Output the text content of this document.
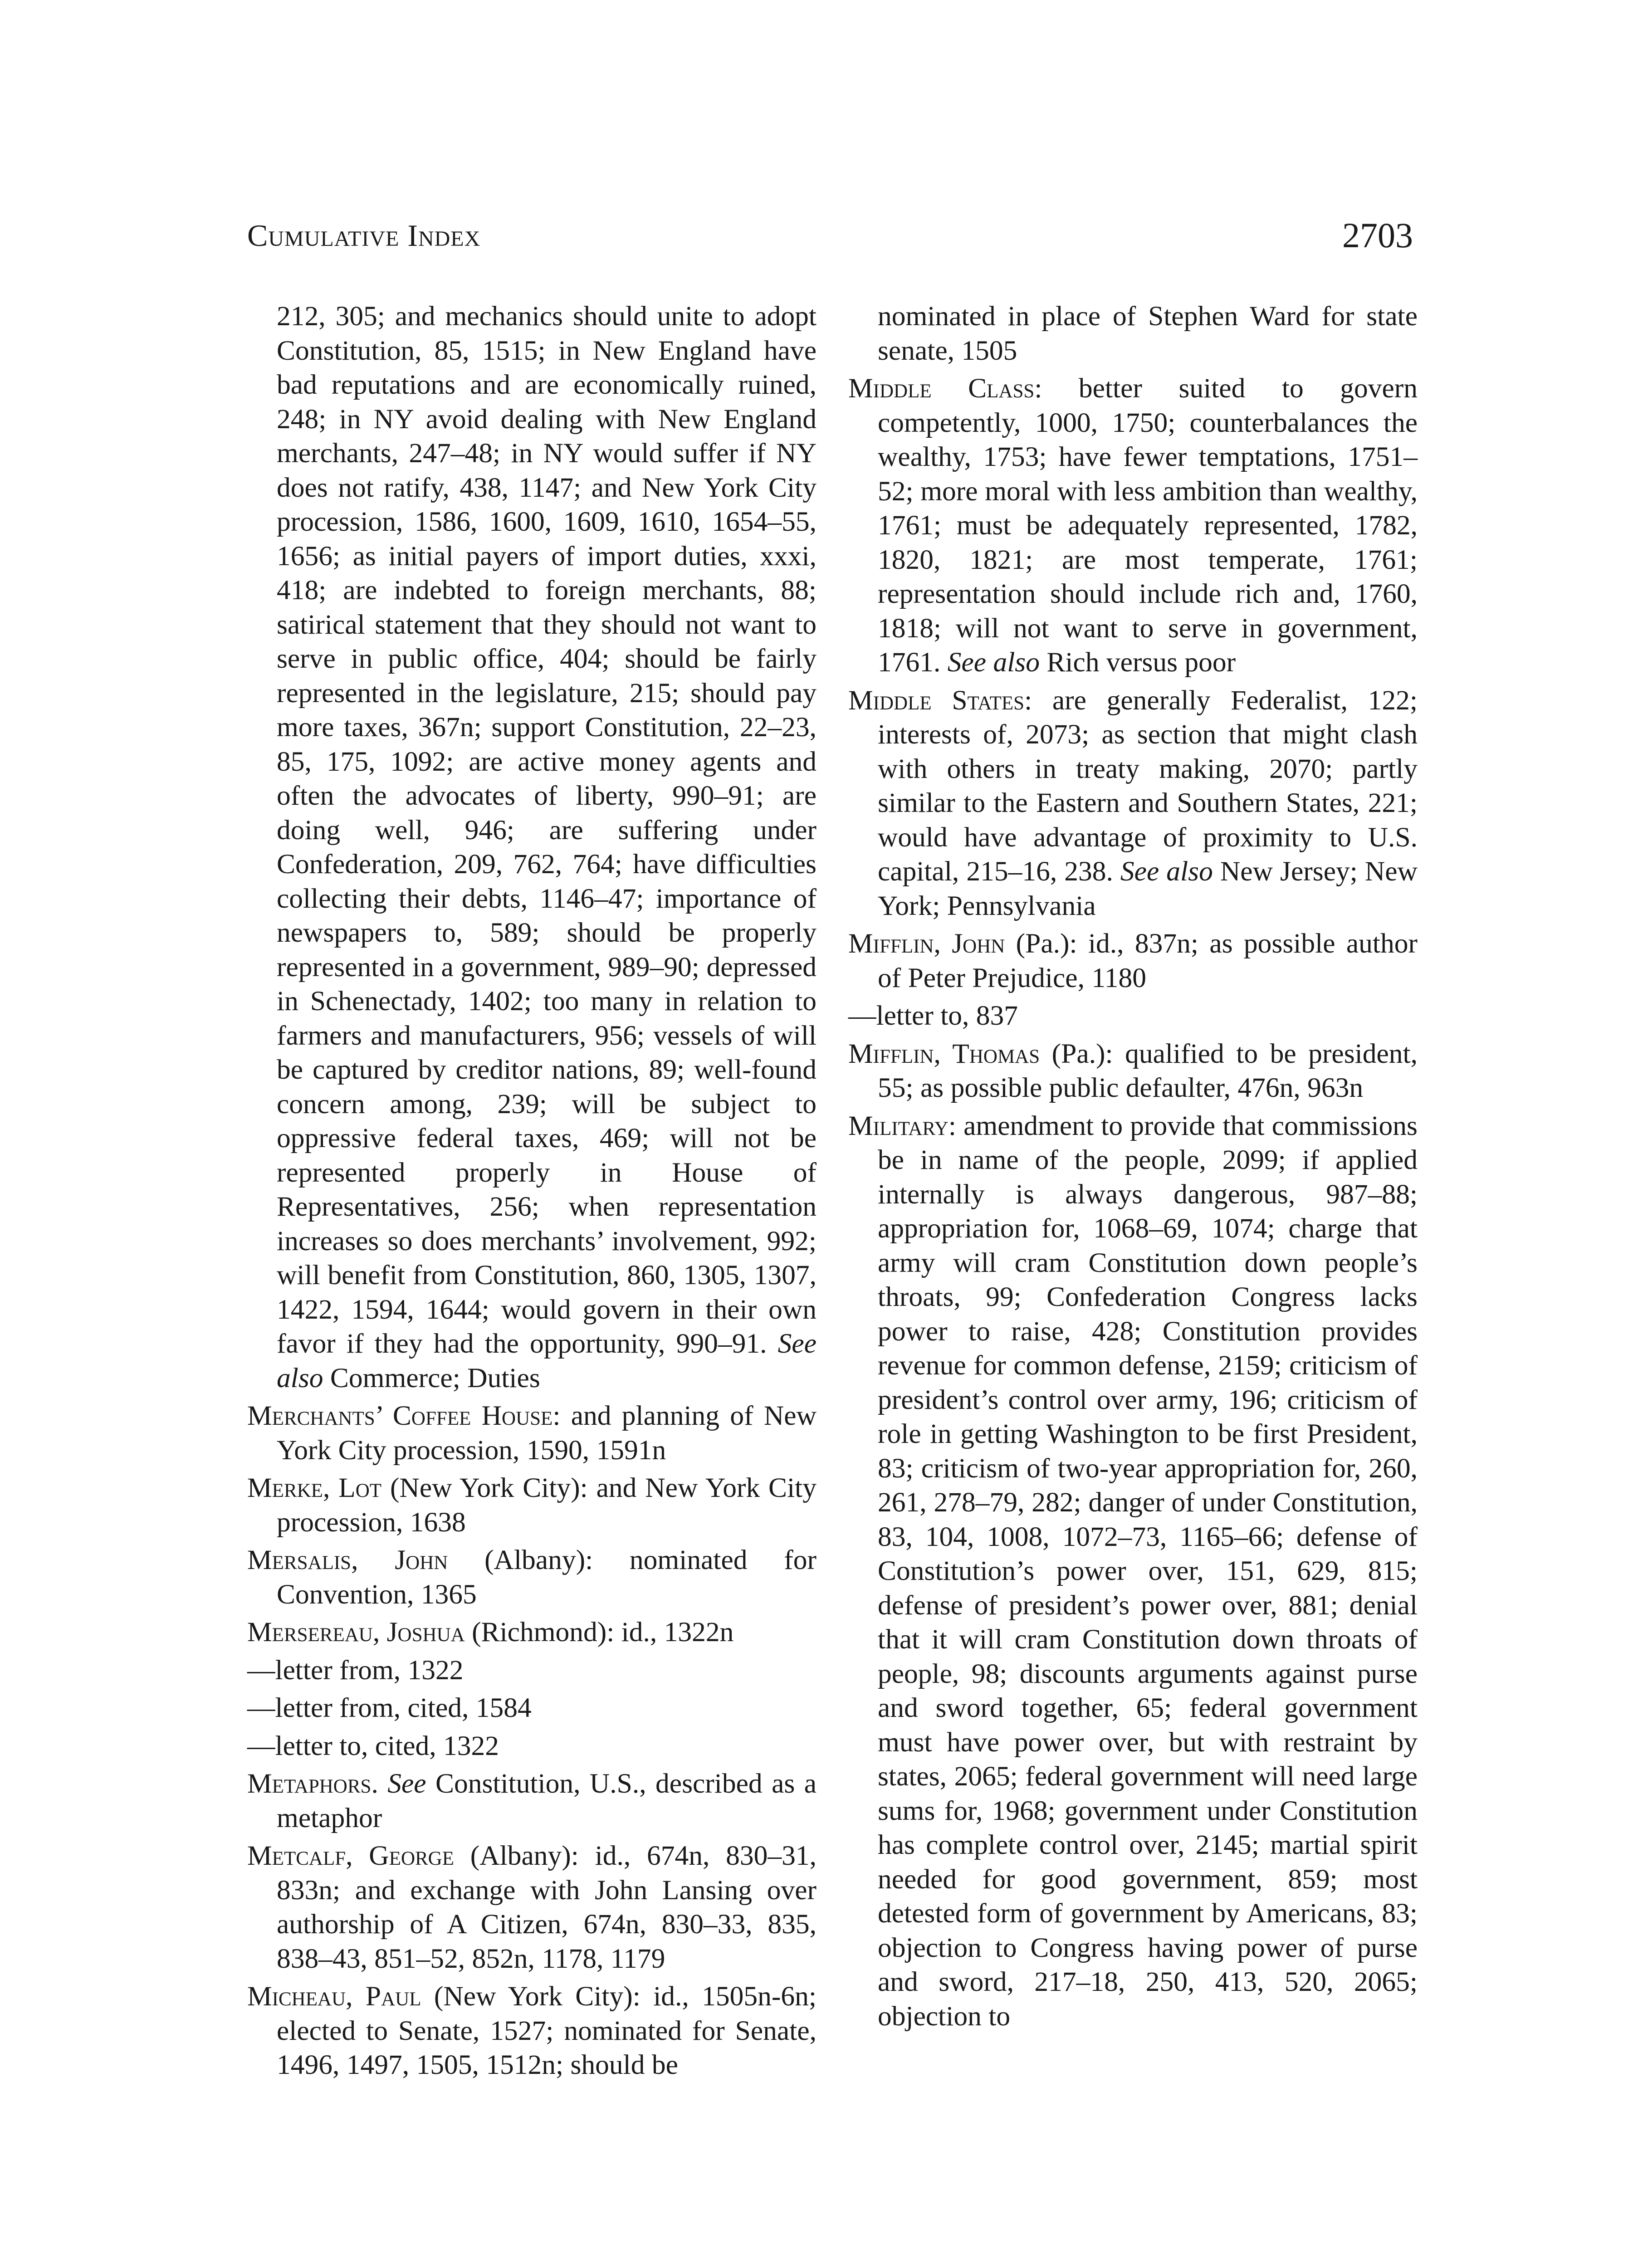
Cumulative Index	2703

212, 305; and mechanics should unite to adopt Constitution, 85, 1515; in New England have bad reputations and are economically ruined, 248; in NY avoid dealing with New England merchants, 247–48; in NY would suffer if NY does not ratify, 438, 1147; and New York City procession, 1586, 1600, 1609, 1610, 1654–55, 1656; as initial payers of import duties, xxxi, 418; are indebted to foreign merchants, 88; satirical statement that they should not want to serve in public office, 404; should be fairly represented in the legislature, 215; should pay more taxes, 367n; support Constitution, 22–23, 85, 175, 1092; are active money agents and often the advocates of liberty, 990–91; are doing well, 946; are suffering under Confederation, 209, 762, 764; have difficulties collecting their debts, 1146–47; importance of newspapers to, 589; should be properly represented in a government, 989–90; depressed in Schenectady, 1402; too many in relation to farmers and manufacturers, 956; vessels of will be captured by creditor nations, 89; well-found concern among, 239; will be subject to oppressive federal taxes, 469; will not be represented properly in House of Representatives, 256; when representation increases so does merchants’ involvement, 992; will benefit from Constitution, 860, 1305, 1307, 1422, 1594, 1644; would govern in their own favor if they had the opportunity, 990–91. See also Commerce; Duties

Merchants’ Coffee House: and planning of New York City procession, 1590, 1591n

Merke, Lot (New York City): and New York City procession, 1638

Mersalis, John (Albany): nominated for Convention, 1365

Mersereau, Joshua (Richmond): id., 1322n

—letter from, 1322

—letter from, cited, 1584

—letter to, cited, 1322

Metaphors. See Constitution, U.S., described as a metaphor

Metcalf, George (Albany): id., 674n, 830–31, 833n; and exchange with John Lansing over authorship of A Citizen, 674n, 830–33, 835, 838–43, 851–52, 852n, 1178, 1179

Micheau, Paul (New York City): id., 1505n-6n; elected to Senate, 1527; nominated for Senate, 1496, 1497, 1505, 1512n; should be

nominated in place of Stephen Ward for state senate, 1505

Middle Class: better suited to govern competently, 1000, 1750; counterbalances the wealthy, 1753; have fewer temptations, 1751–52; more moral with less ambition than wealthy, 1761; must be adequately represented, 1782, 1820, 1821; are most temperate, 1761; representation should include rich and, 1760, 1818; will not want to serve in government, 1761. See also Rich versus poor

Middle States: are generally Federalist, 122; interests of, 2073; as section that might clash with others in treaty making, 2070; partly similar to the Eastern and Southern States, 221; would have advantage of proximity to U.S. capital, 215–16, 238. See also New Jersey; New York; Pennsylvania

Mifflin, John (Pa.): id., 837n; as possible author of Peter Prejudice, 1180

—letter to, 837

Mifflin, Thomas (Pa.): qualified to be president, 55; as possible public defaulter, 476n, 963n

Military: amendment to provide that commissions be in name of the people, 2099; if applied internally is always dangerous, 987–88; appropriation for, 1068–69, 1074; charge that army will cram Constitution down people’s throats, 99; Confederation Congress lacks power to raise, 428; Constitution provides revenue for common defense, 2159; criticism of president’s control over army, 196; criticism of role in getting Washington to be first President, 83; criticism of two-year appropriation for, 260, 261, 278–79, 282; danger of under Constitution, 83, 104, 1008, 1072–73, 1165–66; defense of Constitution’s power over, 151, 629, 815; defense of president’s power over, 881; denial that it will cram Constitution down throats of people, 98; discounts arguments against purse and sword together, 65; federal government must have power over, but with restraint by states, 2065; federal government will need large sums for, 1968; government under Constitution has complete control over, 2145; martial spirit needed for good government, 859; most detested form of government by Americans, 83; objection to Congress having power of purse and sword, 217–18, 250, 413, 520, 2065; objection to
